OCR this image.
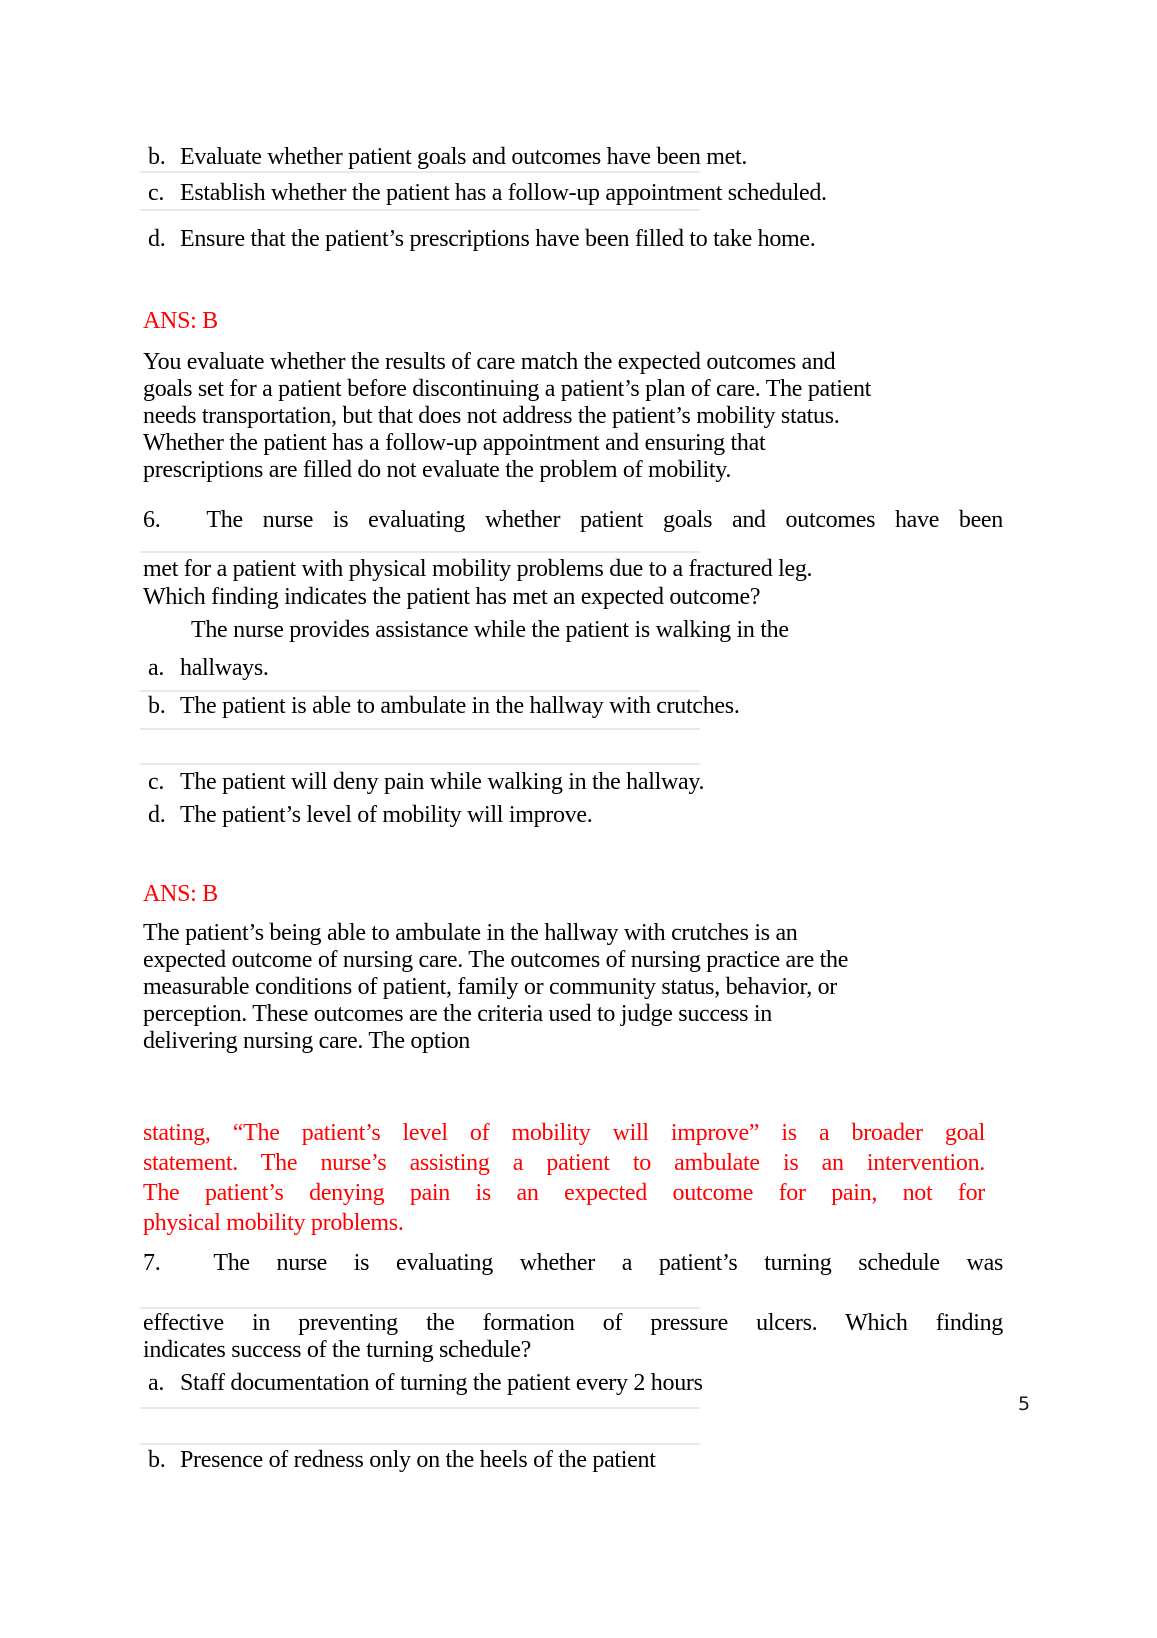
b. Evaluate whether patient goals and outcomes have been met.
c. Establish whether the patient has a follow-up appointment scheduled.
d. Ensure that the patient’s prescriptions have been filled to take home.
ANS: B
You evaluate whether the results of care match the expected outcomes and
goals set for a patient before discontinuing a patient’s plan of care. The patient
needs transportation, but that does not address the patient’s mobility status.
Whether the patient has a follow-up appointment and ensuring that
prescriptions are filled do not evaluate the problem of mobility.
6. The nurse is evaluating whether patient goals and outcomes have been
met for a patient with physical mobility problems due to a fractured leg.
Which finding indicates the patient has met an expected outcome?
The nurse provides assistance while the patient is walking in the
a. hallways.
b. The patient is able to ambulate in the hallway with crutches.
c. The patient will deny pain while walking in the hallway.
d. The patient’s level of mobility will improve.
ANS: B
The patient’s being able to ambulate in the hallway with crutches is an
expected outcome of nursing care. The outcomes of nursing practice are the
measurable conditions of patient, family or community status, behavior, or
perception. These outcomes are the criteria used to judge success in
delivering nursing care. The option
stating, “The patient’s level of mobility will improve” is a broader goal
statement. The nurse’s assisting a patient to ambulate is an intervention.
The patient’s denying pain is an expected outcome for pain, not for
physical mobility problems.
7. The nurse is evaluating whether a patient’s turning schedule was
effective in preventing the formation of pressure ulcers. Which finding
indicates success of the turning schedule?
a. Staff documentation of turning the patient every 2 hours
b. Presence of redness only on the heels of the patient
5
